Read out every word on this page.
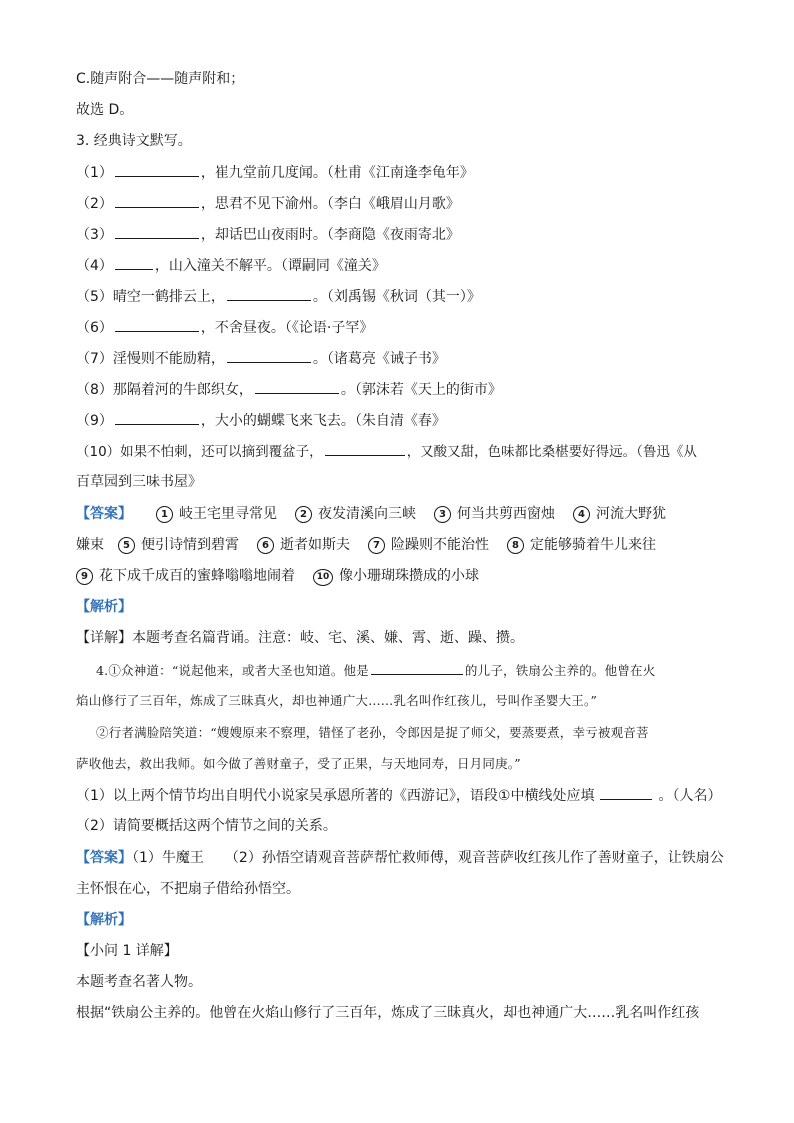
C.随声附合——随声附和；
故选 D。
3. 经典诗文默写。
（1）	，崔九堂前几度闻。（杜甫《江南逢李龟年》
（2）	，思君不见下渝州。（李白《峨眉山月歌》
（3）	，却话巴山夜雨时。（李商隐《夜雨寄北》
（4）	，山入潼关不解平。（谭嗣同《潼关》
（5）晴空一鹤排云上，	。（刘禹锡《秋词（其一）》
（6）	，不舍昼夜。（《论语·子罕》
（7）淫慢则不能励精，	。（诸葛亮《诫子书》
（8）那隔着河的牛郎织女，	。（郭沫若《天上的街市》
（9）	，大小的蝴蝶飞来飞去。（朱自清《春》
（10）如果不怕刺，还可以摘到覆盆子，	，又酸又甜，色味都比桑椹要好得远。（鲁迅《从
百草园到三味书屋》
【答案】	1 岐王宅里寻常见 2 夜发清溪向三峡 3 何当共剪西窗烛 4 河流大野犹
嫌束 5 便引诗情到碧霄 6 逝者如斯夫 7 险躁则不能治性 8 定能够骑着牛儿来往
9 花下成千成百的蜜蜂嗡嗡地闹着 10 像小珊瑚珠攒成的小球
【解析】
【详解】本题考查名篇背诵。注意：岐、宅、溪、嫌、霄、逝、躁、攒。
4.①众神道：“说起他来，或者大圣也知道。他是	的儿子，铁扇公主养的。他曾在火
焰山修行了三百年，炼成了三昧真火，却也神通广大……乳名叫作红孩儿，号叫作圣婴大王。”
②行者满脸陪笑道：“嫂嫂原来不察理，错怪了老孙，令郎因是捉了师父，要蒸要煮，幸亏被观音菩
萨收他去，救出我师。如今做了善财童子，受了正果，与天地同寿，日月同庚。”
（1）以上两个情节均出自明代小说家吴承恩所著的《西游记》，语段①中横线处应填	。（人名）
（2）请简要概括这两个情节之间的关系。
【答案】（1）牛魔王　　（2）孙悟空请观音菩萨帮忙救师傅，观音菩萨收红孩儿作了善财童子，让铁扇公
主怀恨在心，不把扇子借给孙悟空。
【解析】
【小问 1 详解】
本题考查名著人物。
根据“铁扇公主养的。他曾在火焰山修行了三百年，炼成了三昧真火，却也神通广大……乳名叫作红孩
